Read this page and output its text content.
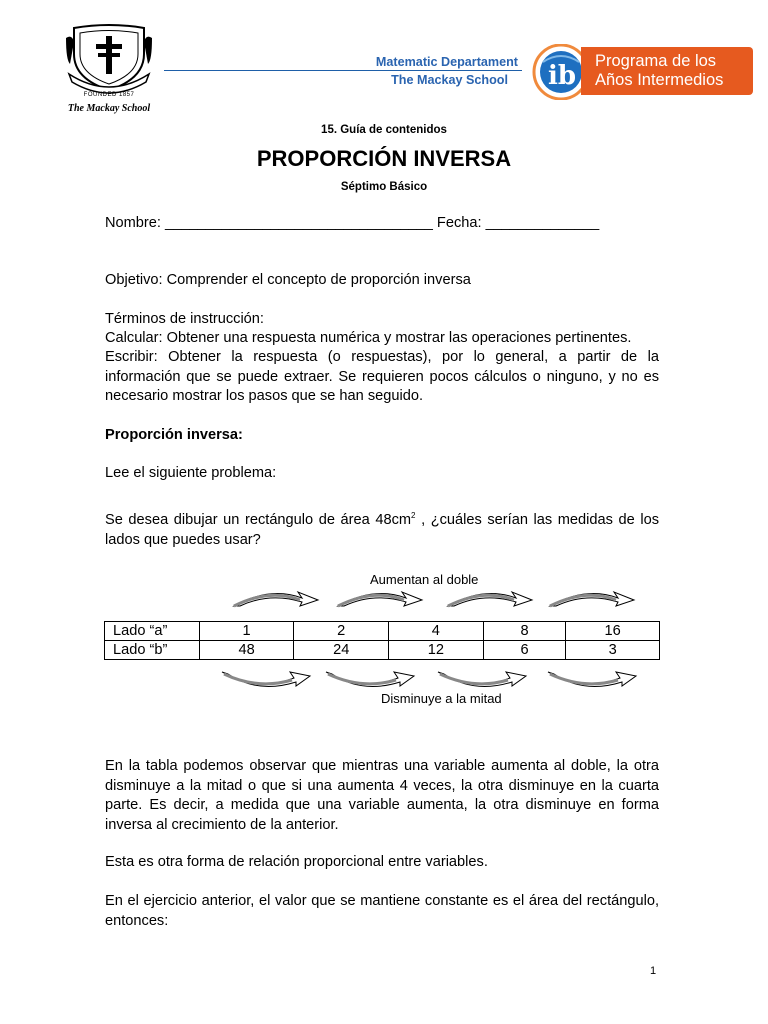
FOUNDED 1857
The Mackay School
Matematic Departament
The Mackay School ib Programa de los
Años Intermedios
15. Guía de contenidos
PROPORCIÓN INVERSA
Séptimo Básico
Nombre: _________________________________ Fecha: ______________
Objetivo: Comprender el concepto de proporción inversa
Términos de instrucción:
Calcular: Obtener una respuesta numérica y mostrar las operaciones pertinentes.
Escribir: Obtener la respuesta (o respuestas), por lo general, a partir de la información que se puede extraer. Se requieren pocos cálculos o ninguno, y no es necesario mostrar los pasos que se han seguido.
Proporción inversa:
Lee el siguiente problema:
Se desea dibujar un rectángulo de área $48cm^2$ , ¿cuáles serían las medidas de los lados que puedes usar?
Aumentan al doble
Lado “a”	1	2	4	8	16
Lado “b”	48	24	12	6	3
Disminuye a la mitad
En la tabla podemos observar que mientras una variable aumenta al doble, la otra disminuye a la mitad o que si una aumenta 4 veces, la otra disminuye en la cuarta parte. Es decir, a medida que una variable aumenta, la otra disminuye en forma inversa al crecimiento de la anterior.
Esta es otra forma de relación proporcional entre variables.
En el ejercicio anterior, el valor que se mantiene constante es el área del rectángulo, entonces:
1
